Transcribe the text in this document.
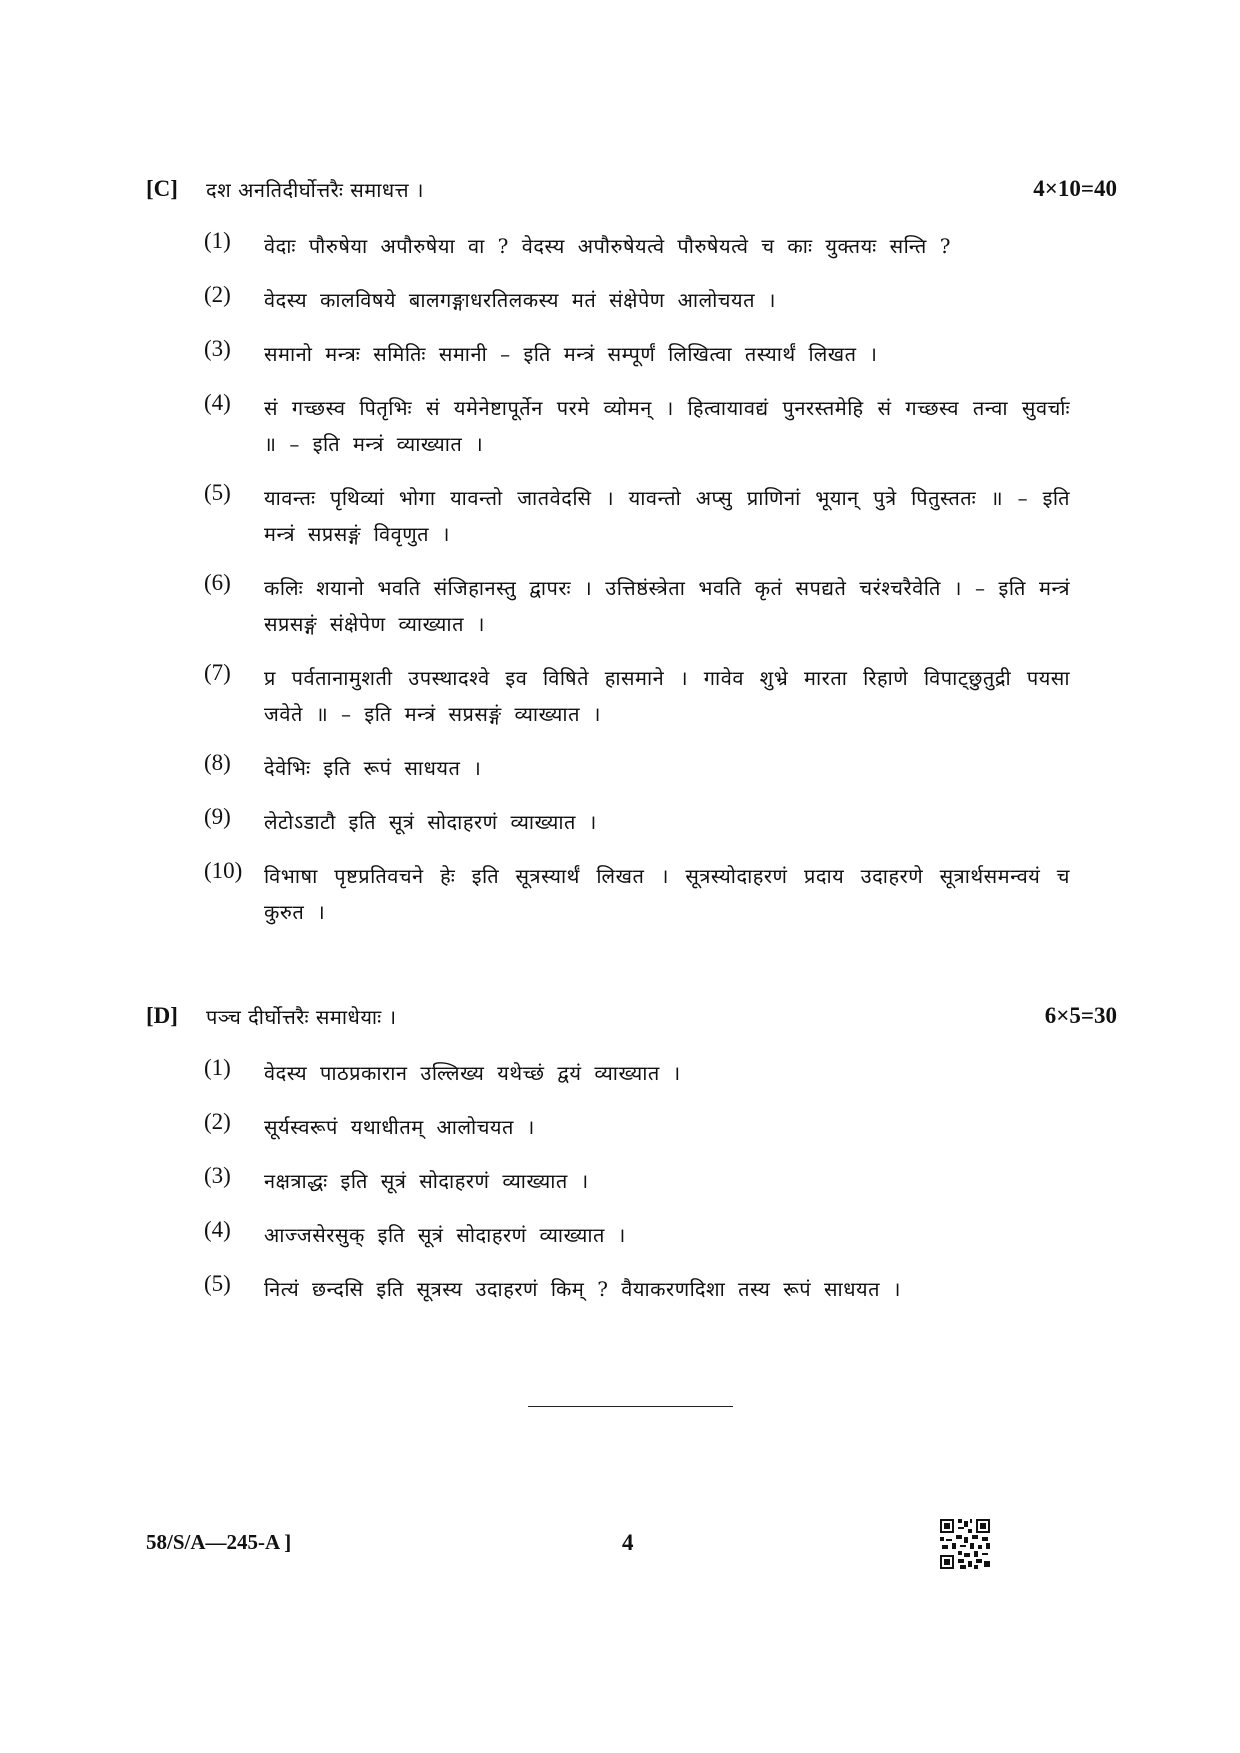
[C] दश अनतिदीर्घोत्तरैः समाधत्त ।	4×10=40
(1) वेदाः पौरुषेया अपौरुषेया वा ? वेदस्य अपौरुषेयत्वे पौरुषेयत्वे च काः युक्तयः सन्ति ?
(2) वेदस्य कालविषये बालगङ्गाधरतिलकस्य मतं संक्षेपेण आलोचयत ।
(3) समानो मन्त्रः समितिः समानी – इति मन्त्रं सम्पूर्णं लिखित्वा तस्यार्थं लिखत ।
(4) सं गच्छस्व पितृभिः सं यमेनेष्टापूर्तेन परमे व्योमन् । हित्वायावद्यं पुनरस्तमेहि सं गच्छस्व तन्वा सुवर्चाः ॥ – इति मन्त्रं व्याख्यात ।
(5) यावन्तः पृथिव्यां भोगा यावन्तो जातवेदसि । यावन्तो अप्सु प्राणिनां भूयान् पुत्रे पितुस्ततः ॥ – इति मन्त्रं सप्रसङ्गं विवृणुत ।
(6) कलिः शयानो भवति संजिहानस्तु द्वापरः । उत्तिष्ठंस्त्रेता भवति कृतं सपद्यते चरंश्चरैवेति । – इति मन्त्रं सप्रसङ्गं संक्षेपेण व्याख्यात ।
(7) प्र पर्वतानामुशती उपस्थादश्वे इव विषिते हासमाने । गावेव शुभ्रे मारता रिहाणे विपाट्छुतुद्री पयसा जवेते ॥ – इति मन्त्रं सप्रसङ्गं व्याख्यात ।
(8) देवेभिः इति रूपं साधयत ।
(9) लेटोऽडाटौ इति सूत्रं सोदाहरणं व्याख्यात ।
(10) विभाषा पृष्टप्रतिवचने हेः इति सूत्रस्यार्थं लिखत । सूत्रस्योदाहरणं प्रदाय उदाहरणे सूत्रार्थसमन्वयं च कुरुत ।
[D] पञ्च दीर्घोत्तरैः समाधेयाः ।	6×5=30
(1) वेदस्य पाठप्रकारान उल्लिख्य यथेच्छं द्वयं व्याख्यात ।
(2) सूर्यस्वरूपं यथाधीतम् आलोचयत ।
(3) नक्षत्राद्धः इति सूत्रं सोदाहरणं व्याख्यात ।
(4) आज्जसेरसुक् इति सूत्रं सोदाहरणं व्याख्यात ।
(5) नित्यं छन्दसि इति सूत्रस्य उदाहरणं किम् ? वैयाकरणदिशा तस्य रूपं साधयत ।
58/S/A—245-A ]	4
